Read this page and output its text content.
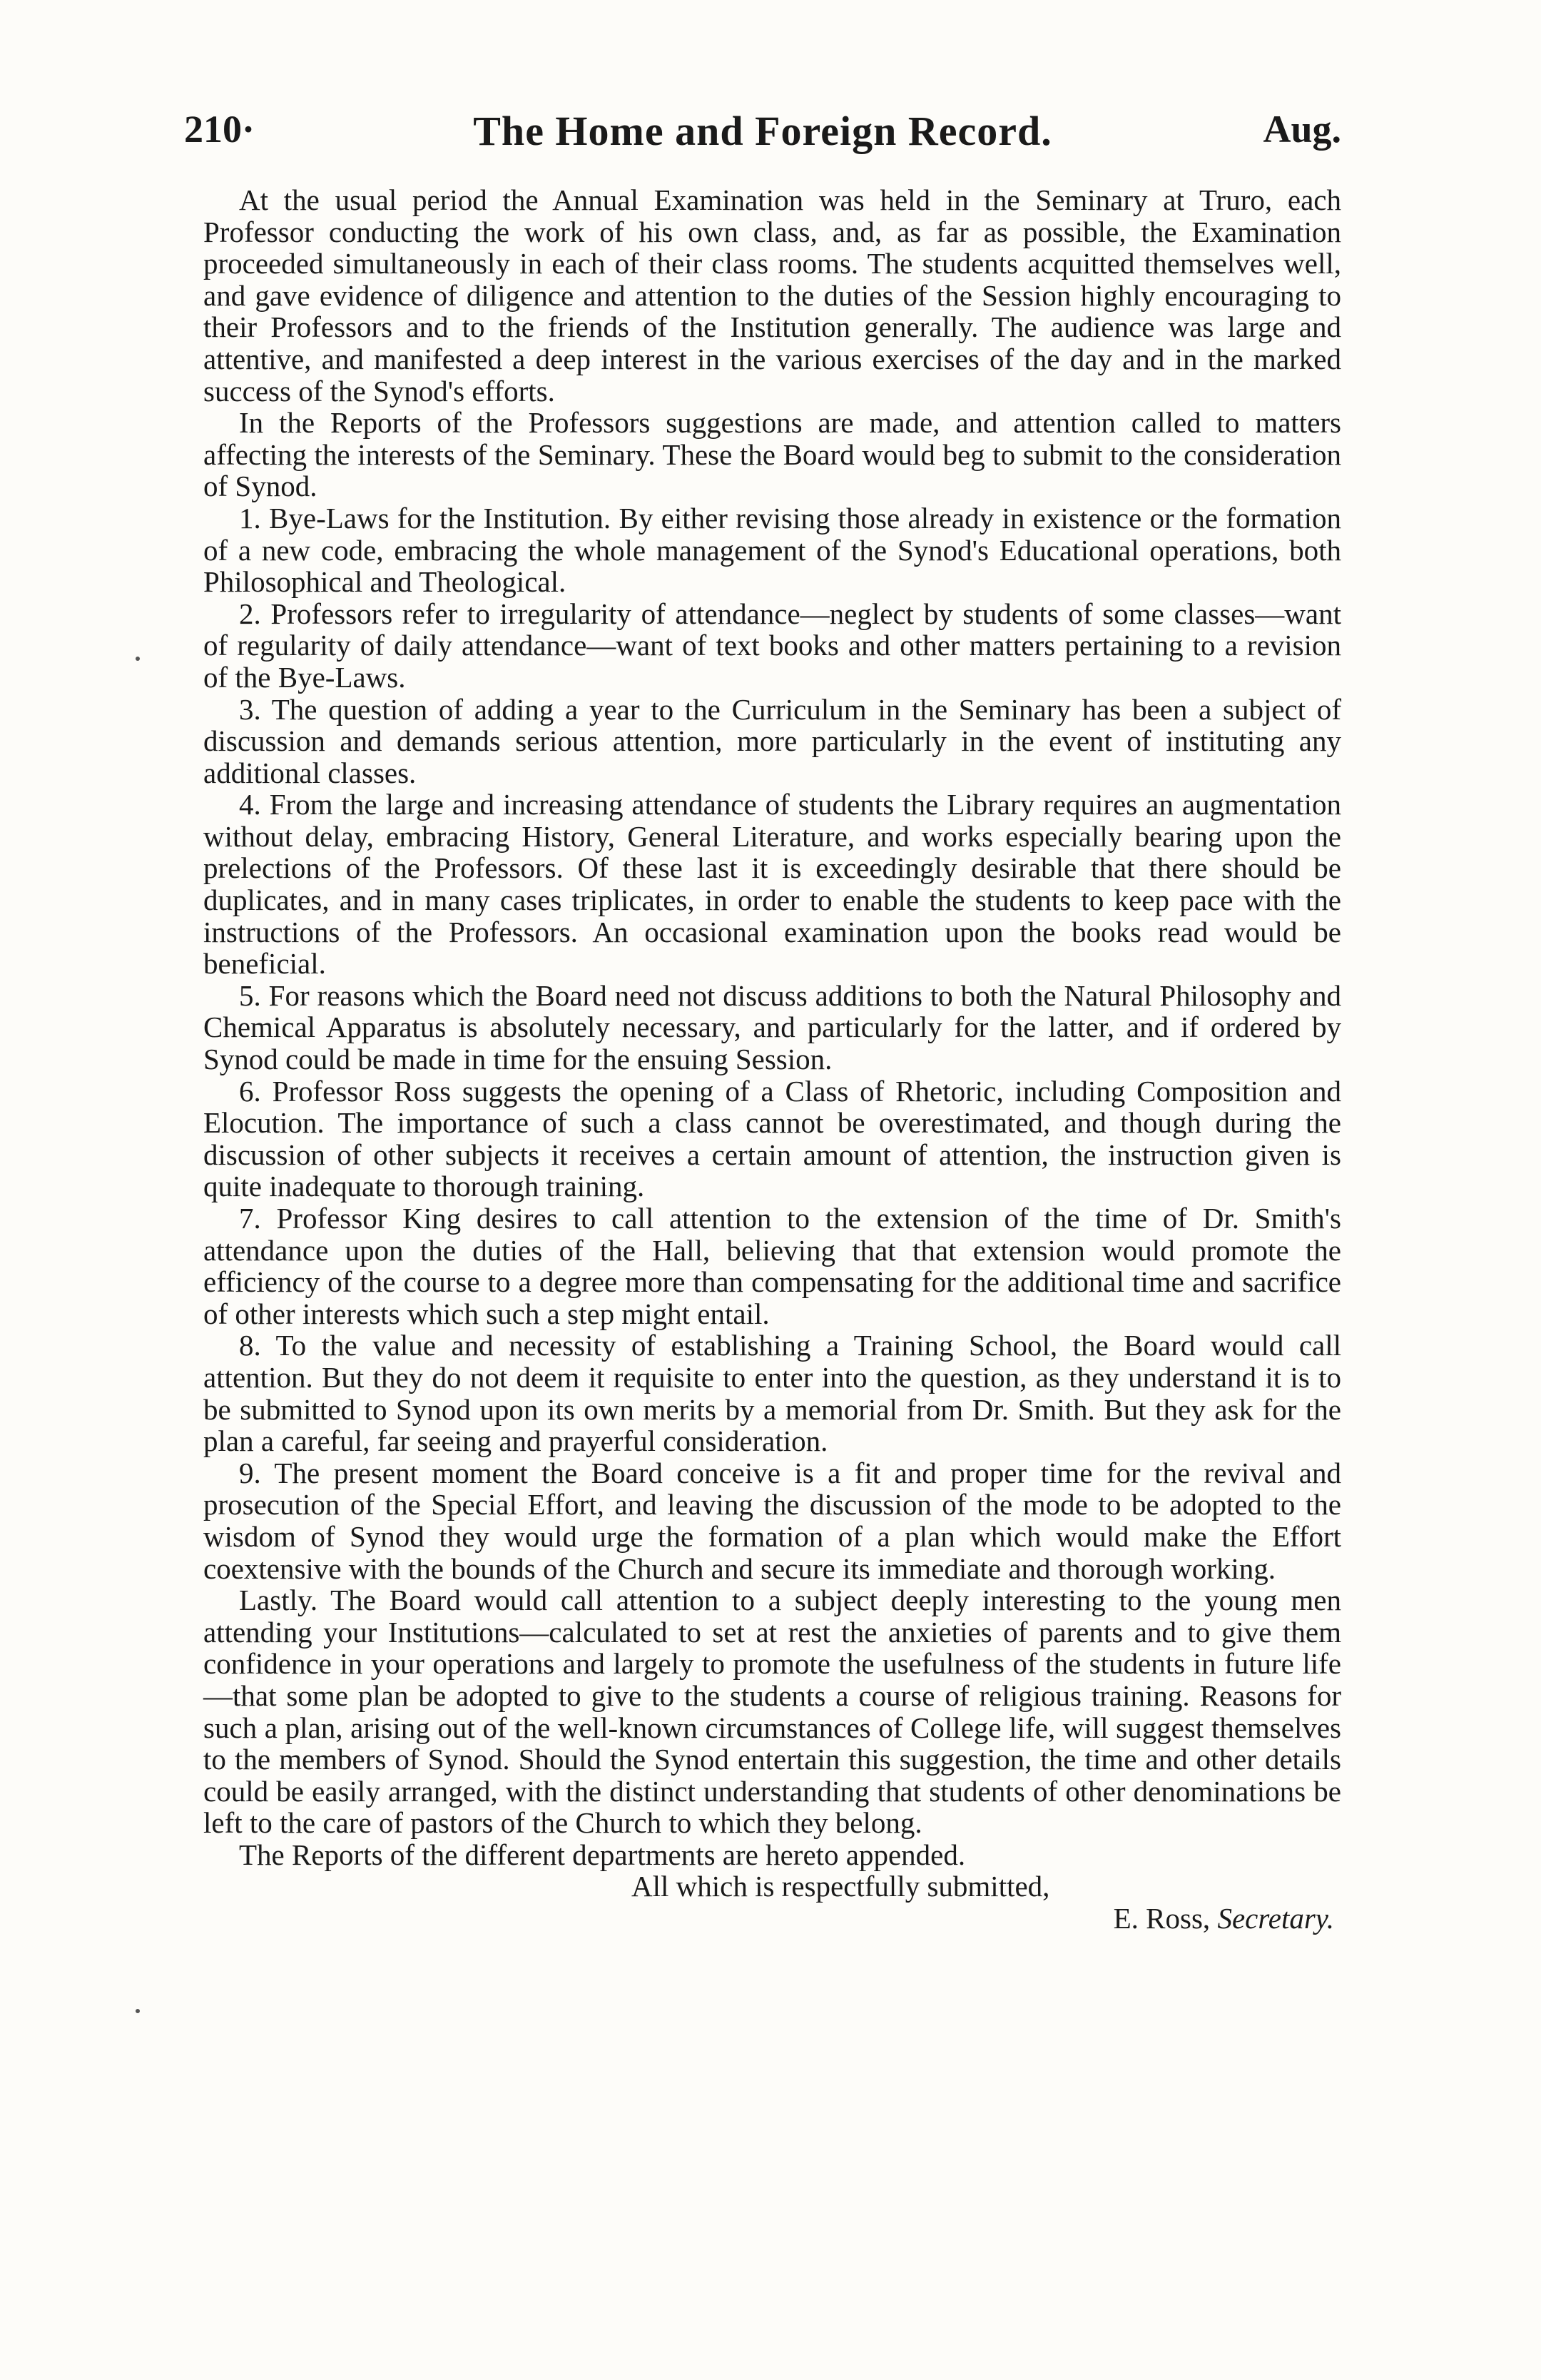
210·	The Home and Foreign Record.	Aug.

At the usual period the Annual Examination was held in the Seminary at Truro, each Professor conducting the work of his own class, and, as far as possible, the Examination proceeded simultaneously in each of their class rooms. The students acquitted themselves well, and gave evidence of diligence and attention to the duties of the Session highly encouraging to their Professors and to the friends of the Institution generally. The audience was large and attentive, and manifested a deep interest in the various exercises of the day and in the marked success of the Synod's efforts.

In the Reports of the Professors suggestions are made, and attention called to matters affecting the interests of the Seminary. These the Board would beg to submit to the consideration of Synod.

1. Bye-Laws for the Institution. By either revising those already in existence or the formation of a new code, embracing the whole management of the Synod's Educational operations, both Philosophical and Theological.

2. Professors refer to irregularity of attendance—neglect by students of some classes—want of regularity of daily attendance—want of text books and other matters pertaining to a revision of the Bye-Laws.

3. The question of adding a year to the Curriculum in the Seminary has been a subject of discussion and demands serious attention, more particularly in the event of instituting any additional classes.

4. From the large and increasing attendance of students the Library requires an augmentation without delay, embracing History, General Literature, and works especially bearing upon the prelections of the Professors. Of these last it is exceedingly desirable that there should be duplicates, and in many cases triplicates, in order to enable the students to keep pace with the instructions of the Professors. An occasional examination upon the books read would be beneficial.

5. For reasons which the Board need not discuss additions to both the Natural Philosophy and Chemical Apparatus is absolutely necessary, and particularly for the latter, and if ordered by Synod could be made in time for the ensuing Session.

6. Professor Ross suggests the opening of a Class of Rhetoric, including Composition and Elocution. The importance of such a class cannot be overestimated, and though during the discussion of other subjects it receives a certain amount of attention, the instruction given is quite inadequate to thorough training.

7. Professor King desires to call attention to the extension of the time of Dr. Smith's attendance upon the duties of the Hall, believing that that extension would promote the efficiency of the course to a degree more than compensating for the additional time and sacrifice of other interests which such a step might entail.

8. To the value and necessity of establishing a Training School, the Board would call attention. But they do not deem it requisite to enter into the question, as they understand it is to be submitted to Synod upon its own merits by a memorial from Dr. Smith. But they ask for the plan a careful, far seeing and prayerful consideration.

9. The present moment the Board conceive is a fit and proper time for the revival and prosecution of the Special Effort, and leaving the discussion of the mode to be adopted to the wisdom of Synod they would urge the formation of a plan which would make the Effort coextensive with the bounds of the Church and secure its immediate and thorough working.

Lastly. The Board would call attention to a subject deeply interesting to the young men attending your Institutions—calculated to set at rest the anxieties of parents and to give them confidence in your operations and largely to promote the usefulness of the students in future life—that some plan be adopted to give to the students a course of religious training. Reasons for such a plan, arising out of the well-known circumstances of College life, will suggest themselves to the members of Synod. Should the Synod entertain this suggestion, the time and other details could be easily arranged, with the distinct understanding that students of other denominations be left to the care of pastors of the Church to which they belong.

The Reports of the different departments are hereto appended.

All which is respectfully submitted,

E. Ross, Secretary.
